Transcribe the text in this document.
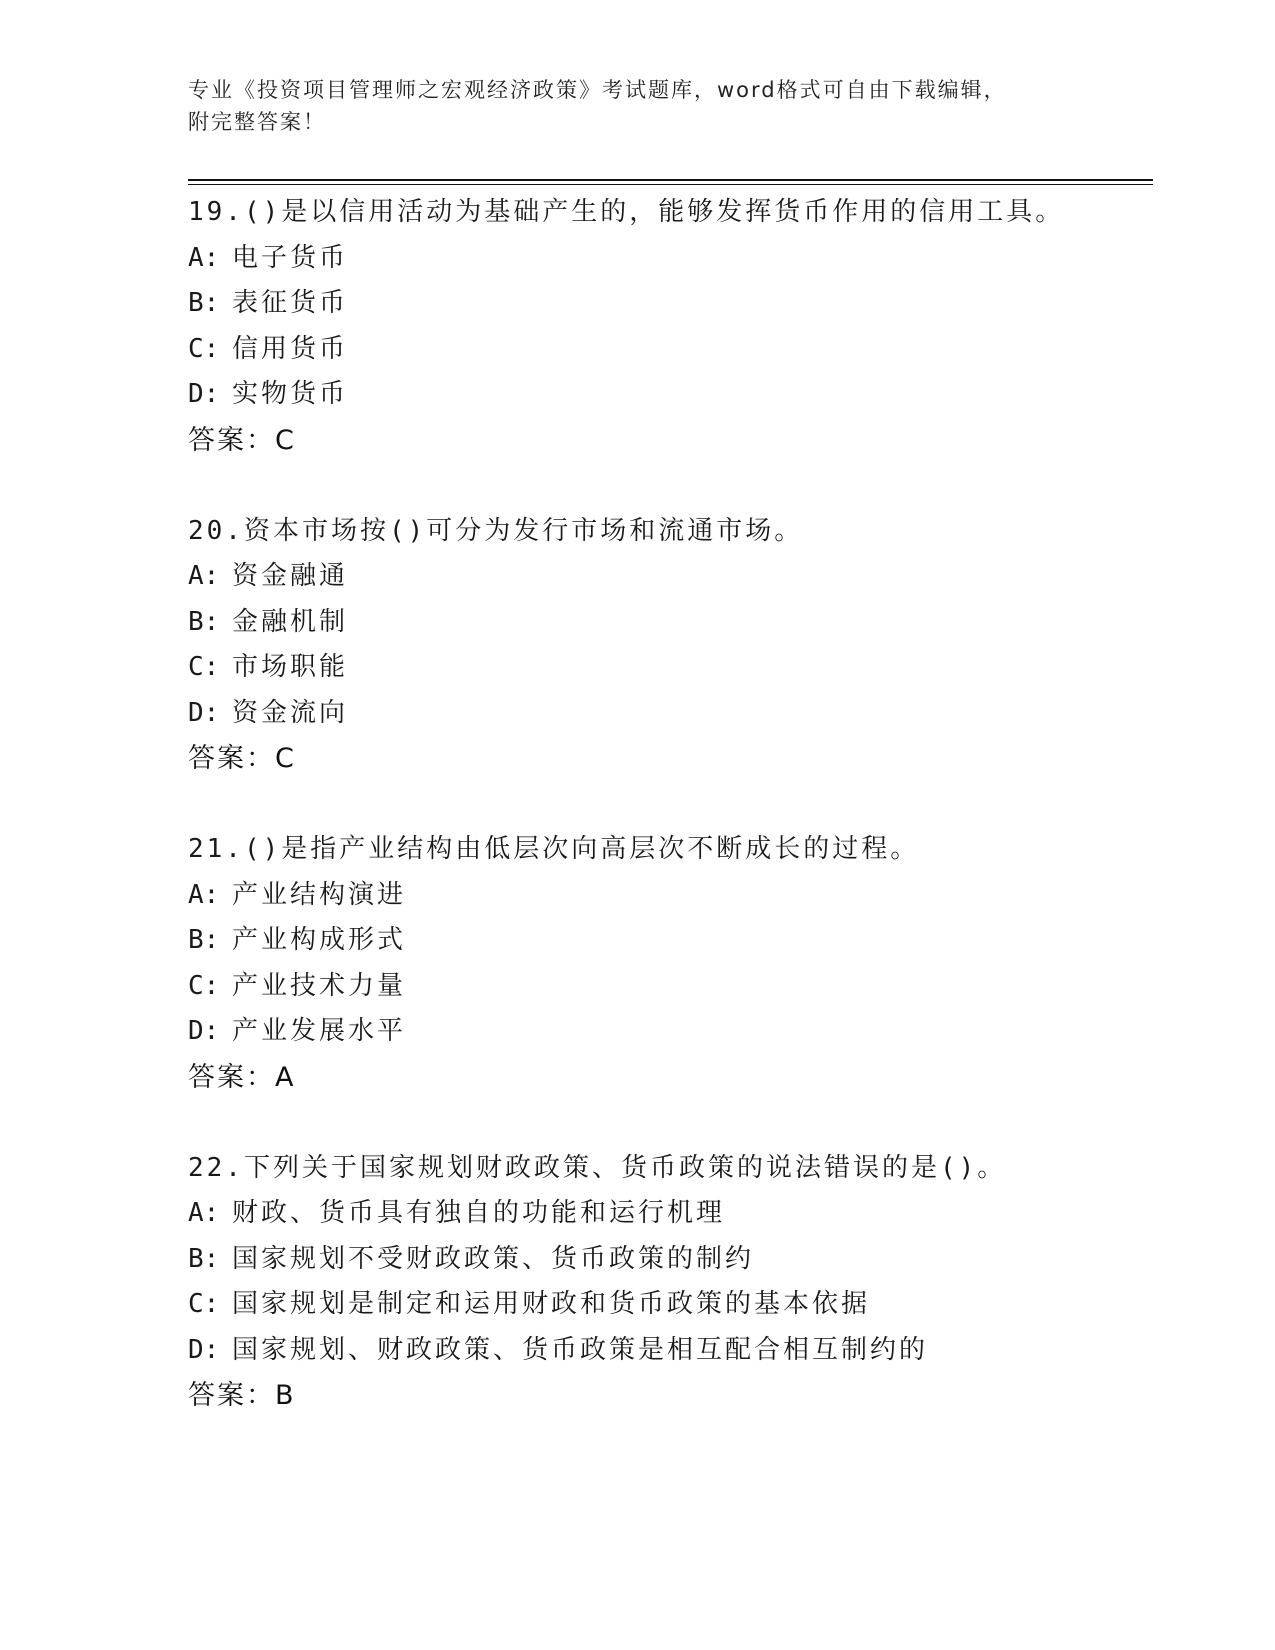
专业《投资项目管理师之宏观经济政策》考试题库，word格式可自由下载编辑，
附完整答案！
19.()是以信用活动为基础产生的，能够发挥货币作用的信用工具。
A: 电子货币
B: 表征货币
C: 信用货币
D: 实物货币
答案：C
20.资本市场按()可分为发行市场和流通市场。
A: 资金融通
B: 金融机制
C: 市场职能
D: 资金流向
答案：C
21.()是指产业结构由低层次向高层次不断成长的过程。
A: 产业结构演进
B: 产业构成形式
C: 产业技术力量
D: 产业发展水平
答案：A
22.下列关于国家规划财政政策、货币政策的说法错误的是()。
A: 财政、货币具有独自的功能和运行机理
B: 国家规划不受财政政策、货币政策的制约
C: 国家规划是制定和运用财政和货币政策的基本依据
D: 国家规划、财政政策、货币政策是相互配合相互制约的
答案：B
